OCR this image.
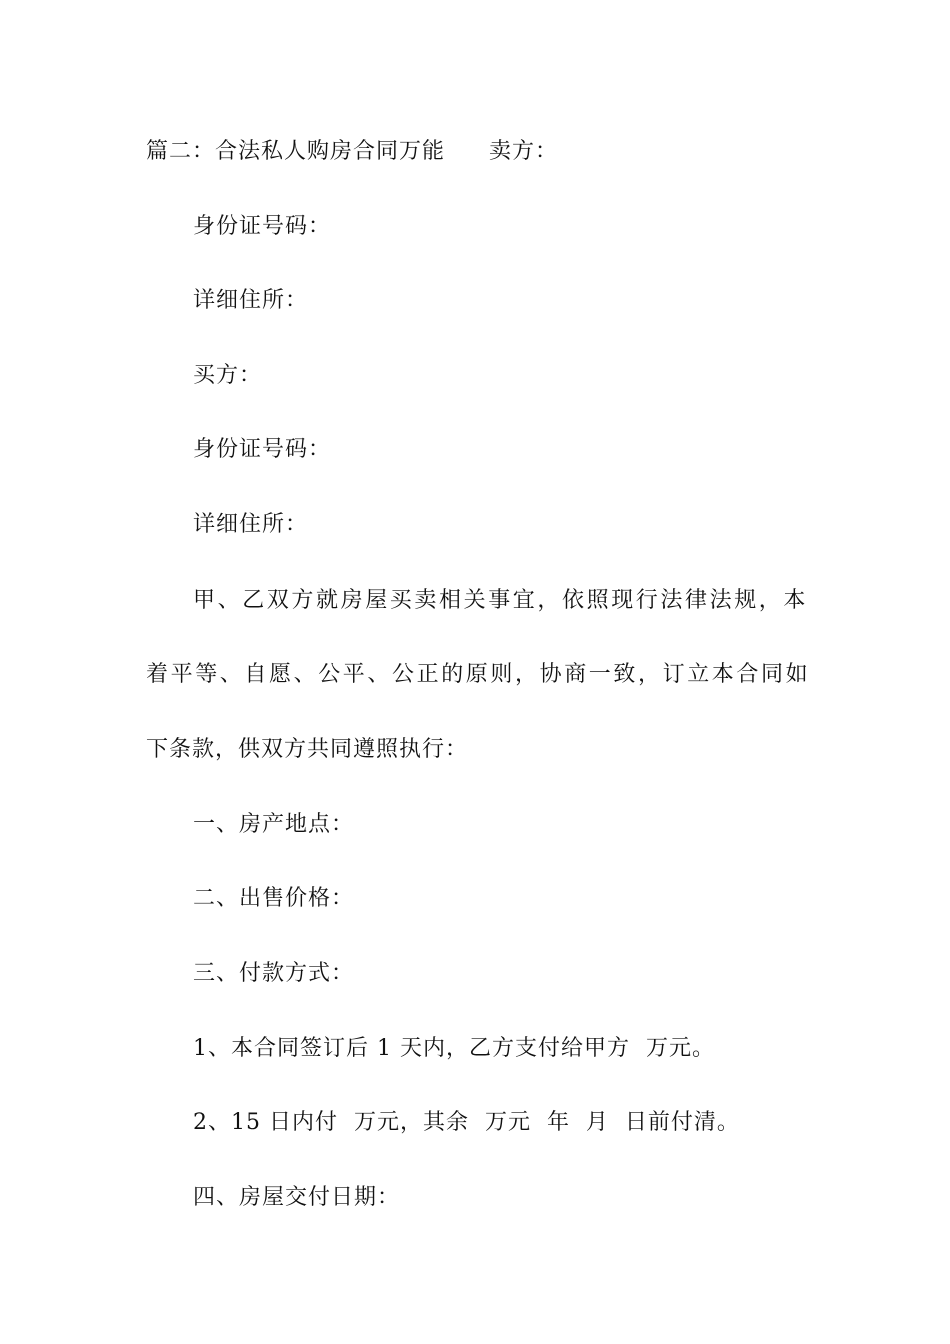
篇二：合法私人购房合同万能 卖方：
身份证号码：
详细住所：
买方：
身份证号码：
详细住所：
甲、乙双方就房屋买卖相关事宜，依照现行法律法规，本
着平等、自愿、公平、公正的原则，协商一致，订立本合同如
下条款，供双方共同遵照执行：
一、房产地点：
二、出售价格：
三、付款方式：
1、本合同签订后 1 天内，乙方支付给甲方  万元。
2、15 日内付  万元，其余  万元  年  月  日前付清。
四、房屋交付日期：
